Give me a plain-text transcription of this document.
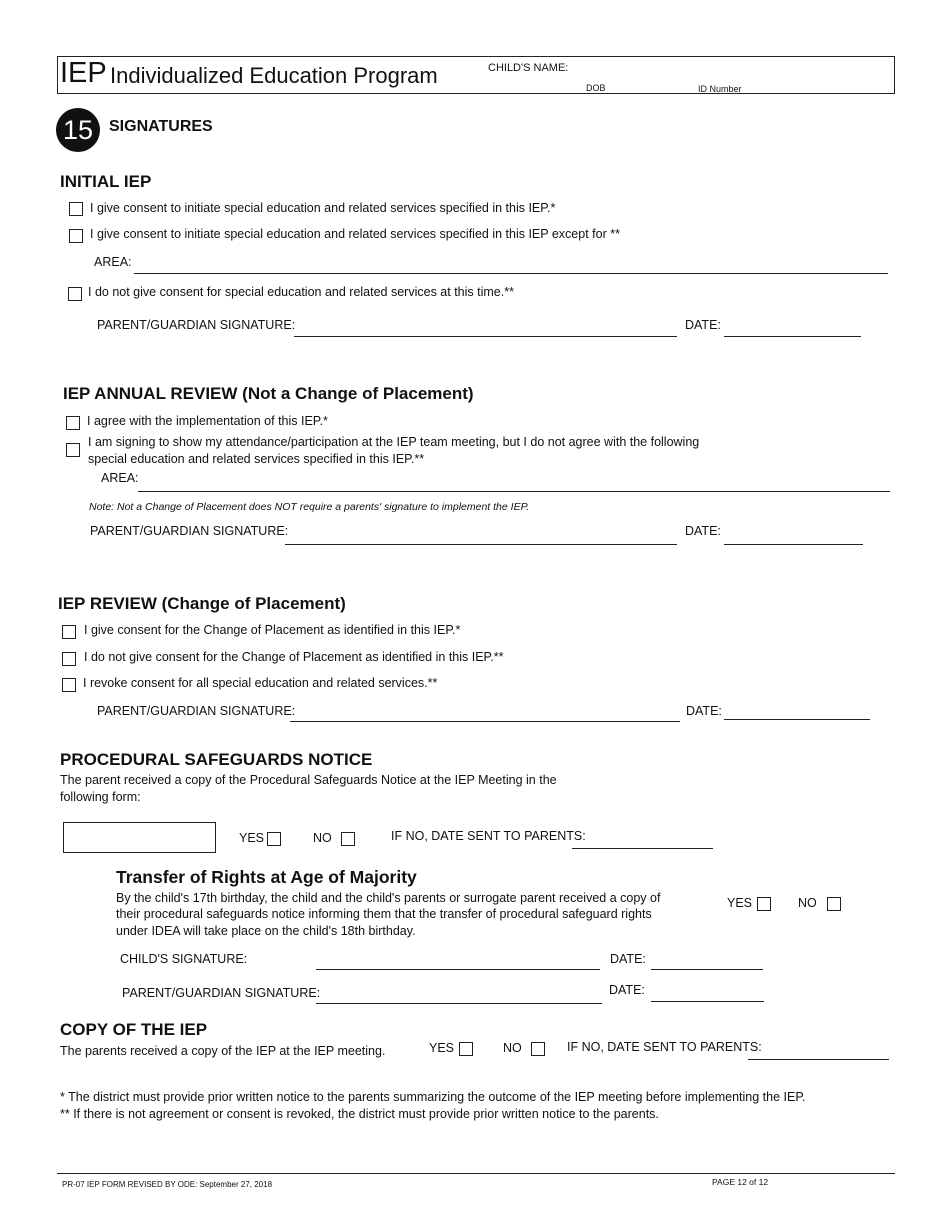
IEP Individualized Education Program	CHILD'S NAME:
DOB	ID Number
15 SIGNATURES
INITIAL IEP
I give consent to initiate special education and related services specified in this IEP.*
I give consent to initiate special education and related services specified in this IEP except for **
AREA:
I do not give consent for special education and related services at this time.**
PARENT/GUARDIAN SIGNATURE:	DATE:
IEP ANNUAL REVIEW (Not a Change of Placement)
I agree with the implementation of this IEP.*
I am signing to show my attendance/participation at the IEP team meeting, but I do not agree with the following
special education and related services specified in this IEP.**
AREA:
Note: Not a Change of Placement does NOT require a parents' signature to implement the IEP.
PARENT/GUARDIAN SIGNATURE:	DATE:
IEP REVIEW (Change of Placement)
I give consent for the Change of Placement as identified in this IEP.*
I do not give consent for the Change of Placement as identified in this IEP.**
I revoke consent for all special education and related services.**
PARENT/GUARDIAN SIGNATURE:	DATE:
PROCEDURAL SAFEGUARDS NOTICE
The parent received a copy of the Procedural Safeguards Notice at the IEP Meeting in the
following form:
YES	NO	IF NO, DATE SENT TO PARENTS:
Transfer of Rights at Age of Majority
By the child's 17th birthday, the child and the child's parents or surrogate parent received a copy of
their procedural safeguards notice informing them that the transfer of procedural safeguard rights
under IDEA will take place on the child's 18th birthday.
YES	NO
CHILD'S SIGNATURE:	DATE:
PARENT/GUARDIAN SIGNATURE:	DATE:
COPY OF THE IEP
The parents received a copy of the IEP at the IEP meeting.	YES	NO	IF NO, DATE SENT TO PARENTS:
* The district must provide prior written notice to the parents summarizing the outcome of the IEP meeting before implementing the IEP.
** If there is not agreement or consent is revoked, the district must provide prior written notice to the parents.
PR-07 IEP FORM REVISED BY ODE: September 27, 2018	PAGE 12 of 12
